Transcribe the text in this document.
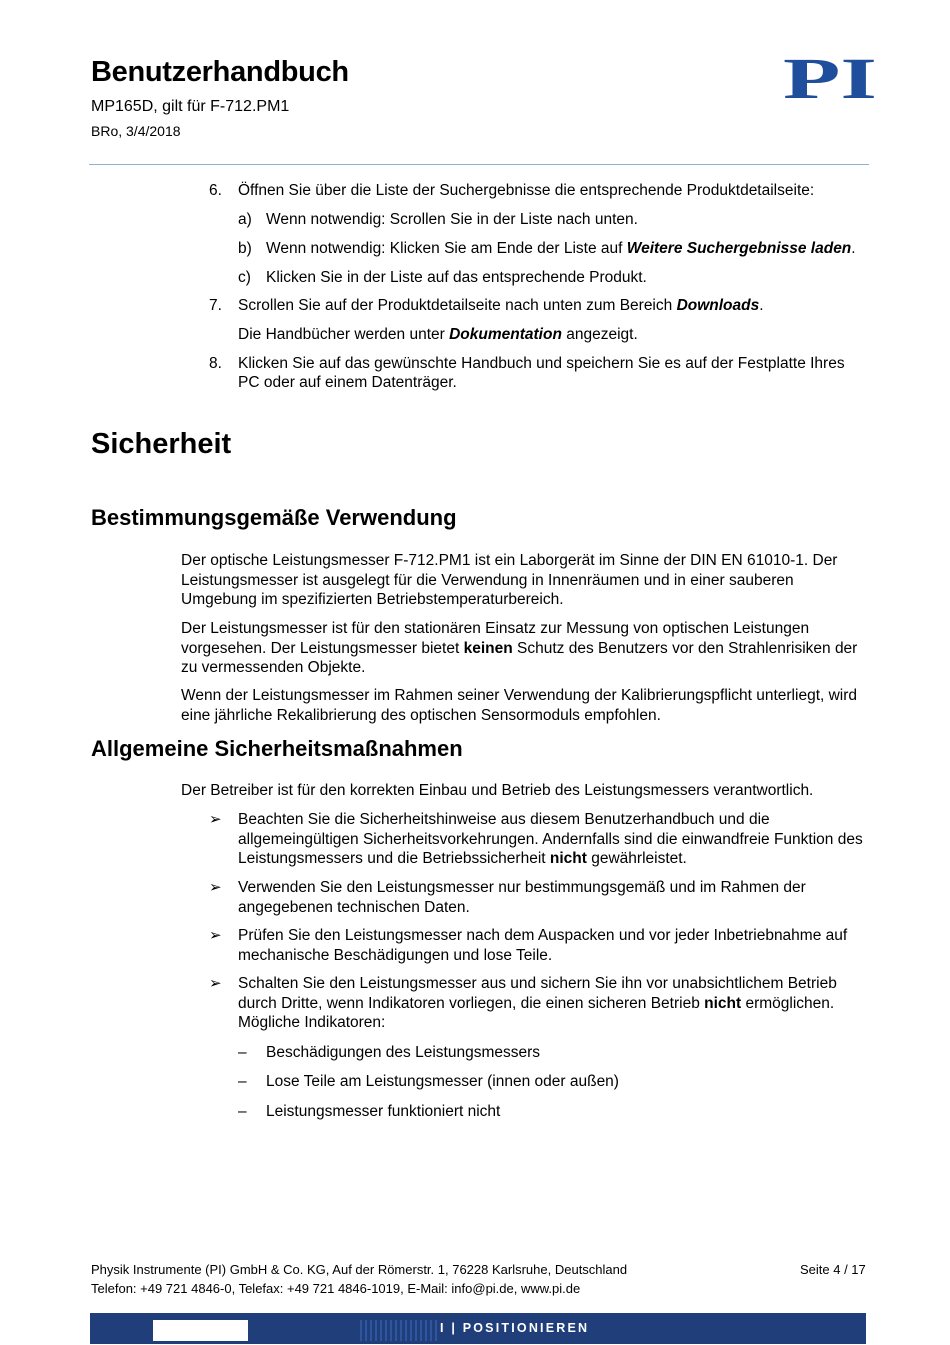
Benutzerhandbuch
MP165D, gilt für F-712.PM1
BRo, 3/4/2018
PI
6. Öffnen Sie über die Liste der Suchergebnisse die entsprechende Produktdetailseite:
a) Wenn notwendig: Scrollen Sie in der Liste nach unten.
b) Wenn notwendig: Klicken Sie am Ende der Liste auf Weitere Suchergebnisse laden.
c) Klicken Sie in der Liste auf das entsprechende Produkt.
7. Scrollen Sie auf der Produktdetailseite nach unten zum Bereich Downloads.
Die Handbücher werden unter Dokumentation angezeigt.
8. Klicken Sie auf das gewünschte Handbuch und speichern Sie es auf der Festplatte Ihres
PC oder auf einem Datenträger.
Sicherheit
Bestimmungsgemäße Verwendung
Der optische Leistungsmesser F-712.PM1 ist ein Laborgerät im Sinne der DIN EN 61010-1. Der Leistungsmesser ist ausgelegt für die Verwendung in Innenräumen und in einer sauberen Umgebung im spezifizierten Betriebstemperaturbereich.
Der Leistungsmesser ist für den stationären Einsatz zur Messung von optischen Leistungen vorgesehen. Der Leistungsmesser bietet keinen Schutz des Benutzers vor den Strahlenrisiken der zu vermessenden Objekte.
Wenn der Leistungsmesser im Rahmen seiner Verwendung der Kalibrierungspflicht unterliegt, wird eine jährliche Rekalibrierung des optischen Sensormoduls empfohlen.
Allgemeine Sicherheitsmaßnahmen
Der Betreiber ist für den korrekten Einbau und Betrieb des Leistungsmessers verantwortlich.
➢ Beachten Sie die Sicherheitshinweise aus diesem Benutzerhandbuch und die allgemeingültigen Sicherheitsvorkehrungen. Andernfalls sind die einwandfreie Funktion des Leistungsmessers und die Betriebssicherheit nicht gewährleistet.
➢ Verwenden Sie den Leistungsmesser nur bestimmungsgemäß und im Rahmen der angegebenen technischen Daten.
➢ Prüfen Sie den Leistungsmesser nach dem Auspacken und vor jeder Inbetriebnahme auf mechanische Beschädigungen und lose Teile.
➢ Schalten Sie den Leistungsmesser aus und sichern Sie ihn vor unabsichtlichem Betrieb durch Dritte, wenn Indikatoren vorliegen, die einen sicheren Betrieb nicht ermöglichen. Mögliche Indikatoren:
– Beschädigungen des Leistungsmessers
– Lose Teile am Leistungsmesser (innen oder außen)
– Leistungsmesser funktioniert nicht
Physik Instrumente (PI) GmbH & Co. KG, Auf der Römerstr. 1, 76228 Karlsruhe, Deutschland
Telefon: +49 721 4846-0, Telefax: +49 721 4846-1019, E-Mail: info@pi.de, www.pi.de
Seite 4 / 17
I | POSITIONIEREN
